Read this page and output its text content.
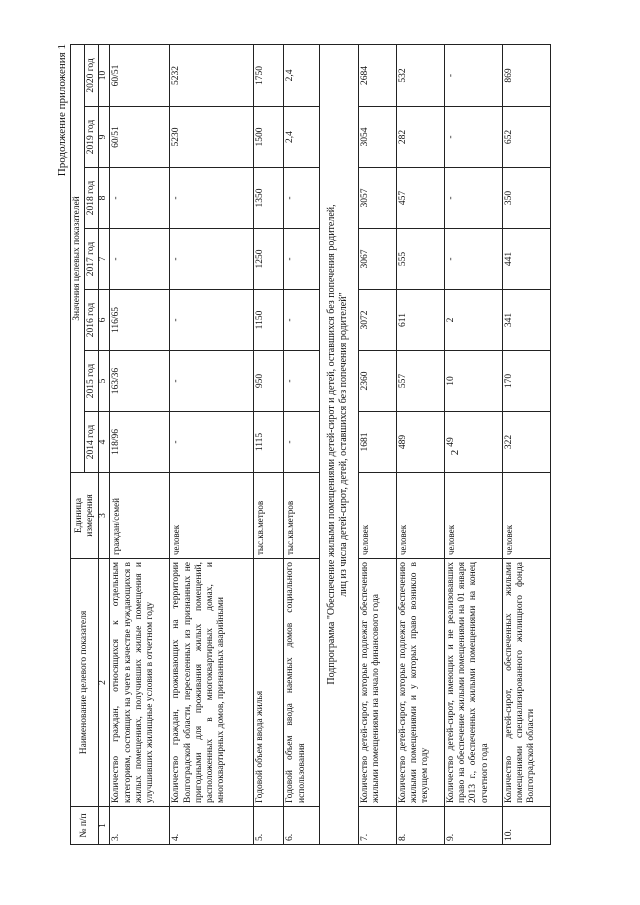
2
Продолжение приложения 1
№ п/п	Наименование целевого показателя	Единица измерения	Значения целевых показателей						
			2014 год	2015 год	2016 год	2017 год	2018 год	2019 год	2020 год
1	2	3	4	5	6	7	8	9	10
3.	Количество граждан, относящихся к отдельным категориям, состоящих на учете в качестве нуждающихся в жилых помещениях, получивших жилые помещения и улучшивших жилищные условия в отчетном году	граждан/семей	118/96	163/36	116/65	-	-	60/51	60/51
4.	Количество граждан, проживающих на территории Волгоградской области, переселенных из признанных не пригодными для проживания жилых помещений, расположенных в многоквартирных домах, и многоквартирных домов, признанных аварийными	человек	-	-	-	-	-	5230	5232
5.	Годовой объем ввода жилья	тыс.кв.метров	1115	950	1150	1250	1350	1500	1750
6.	Годовой объем ввода наемных домов социального использования	тыс.кв.метров	-	-	-	-	-	2,4	2,4

Подпрограмма "Обеспечение жилыми помещениями детей-сирот и детей, оставшихся без попечения родителей, лиц из числа детей-сирот, детей, оставшихся без попечения родителей"									

7.	Количество детей-сирот, которые подлежат обеспечению жилыми помещениями на начало финансового года	человек	1681	2360	3072	3067	3057	3054	2684
8.	Количество детей-сирот, которые подлежат обеспечению жилыми помещениями и у которых право возникло в текущем году	человек	489	557	611	555	457	282	532
9.	Количество детей-сирот, имеющих и не реализовавших право на обеспечение жилыми помещениями на 01 января 2013 г., обеспеченных жилыми помещениями на конец отчетного года	человек	49	10	2	-	-	-	-
10.	Количество детей-сирот, обеспеченных жилыми помещениями специализированного жилищного фонда Волгоградской области	человек	322	170	341	441	350	652	869
